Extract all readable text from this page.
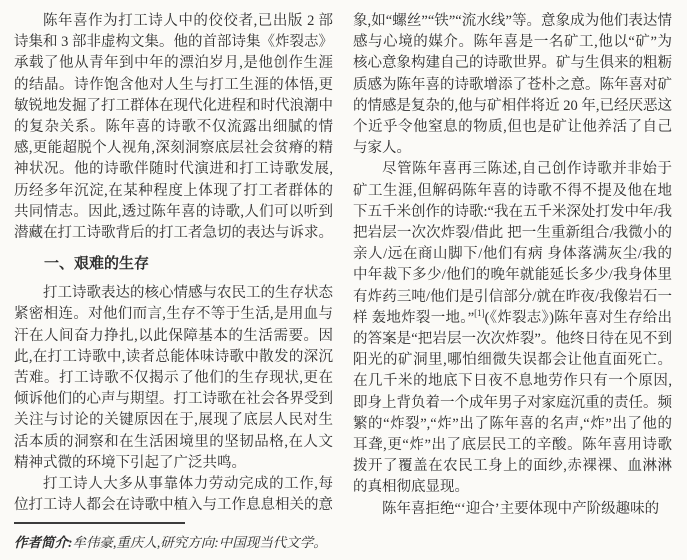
陈年喜作为打工诗人中的佼佼者,已出版 2 部诗集和 3 部非虚构文集。他的首部诗集《炸裂志》承载了他从青年到中年的漂泊岁月,是他创作生涯的结晶。诗作饱含他对人生与打工生涯的体悟,更敏锐地发掘了打工群体在现代化进程和时代浪潮中的复杂关系。陈年喜的诗歌不仅流露出细腻的情感,更能超脱个人视角,深刻洞察底层社会贫瘠的精神状况。他的诗歌伴随时代演进和打工诗歌发展,历经多年沉淀,在某种程度上体现了打工者群体的共同情志。因此,透过陈年喜的诗歌,人们可以听到潜藏在打工诗歌背后的打工者急切的表达与诉求。

一、艰难的生存

打工诗歌表达的核心情感与农民工的生存状态紧密相连。对他们而言,生存不等于生活,是用血与汗在人间奋力挣扎,以此保障基本的生活需要。因此,在打工诗歌中,读者总能体味诗歌中散发的深沉苦难。打工诗歌不仅揭示了他们的生存现状,更在倾诉他们的心声与期望。打工诗歌在社会各界受到关注与讨论的关键原因在于,展现了底层人民对生活本质的洞察和在生活困境里的坚韧品格,在人文精神式微的环境下引起了广泛共鸣。

打工诗人大多从事靠体力劳动完成的工作,每位打工诗人都会在诗歌中植入与工作息息相关的意

作者简介:牟伟豪,重庆人,研究方向:中国现当代文学。

象,如“螺丝”“铁”“流水线”等。意象成为他们表达情感与心境的媒介。陈年喜是一名矿工,他以“矿”为核心意象构建自己的诗歌世界。矿与生俱来的粗粝质感为陈年喜的诗歌增添了苍朴之意。陈年喜对矿的情感是复杂的,他与矿相伴将近 20 年,已经厌恶这个近乎令他窒息的物质,但也是矿让他养活了自己与家人。

尽管陈年喜再三陈述,自己创作诗歌并非始于矿工生涯,但解码陈年喜的诗歌不得不提及他在地下五千米创作的诗歌:“我在五千米深处打发中年/我把岩层一次次炸裂/借此 把一生重新组合/我微小的亲人/远在商山脚下/他们有病 身体落满灰尘/我的中年裁下多少/他们的晚年就能延长多少/我身体里有炸药三吨/他们是引信部分/就在昨夜/我像岩石一样 轰地炸裂一地。”[1](《炸裂志》)陈年喜对生存给出的答案是“把岩层一次次炸裂”。他终日待在见不到阳光的矿洞里,哪怕细微失误都会让他直面死亡。在几千米的地底下日夜不息地劳作只有一个原因,即身上背负着一个成年男子对家庭沉重的责任。频繁的“炸裂”,“炸”出了陈年喜的名声,“炸”出了他的耳聋,更“炸”出了底层民工的辛酸。陈年喜用诗歌拨开了覆盖在农民工身上的面纱,赤裸裸、血淋淋的真相彻底显现。

陈年喜拒绝“‘迎合’主要体现中产阶级趣味的
